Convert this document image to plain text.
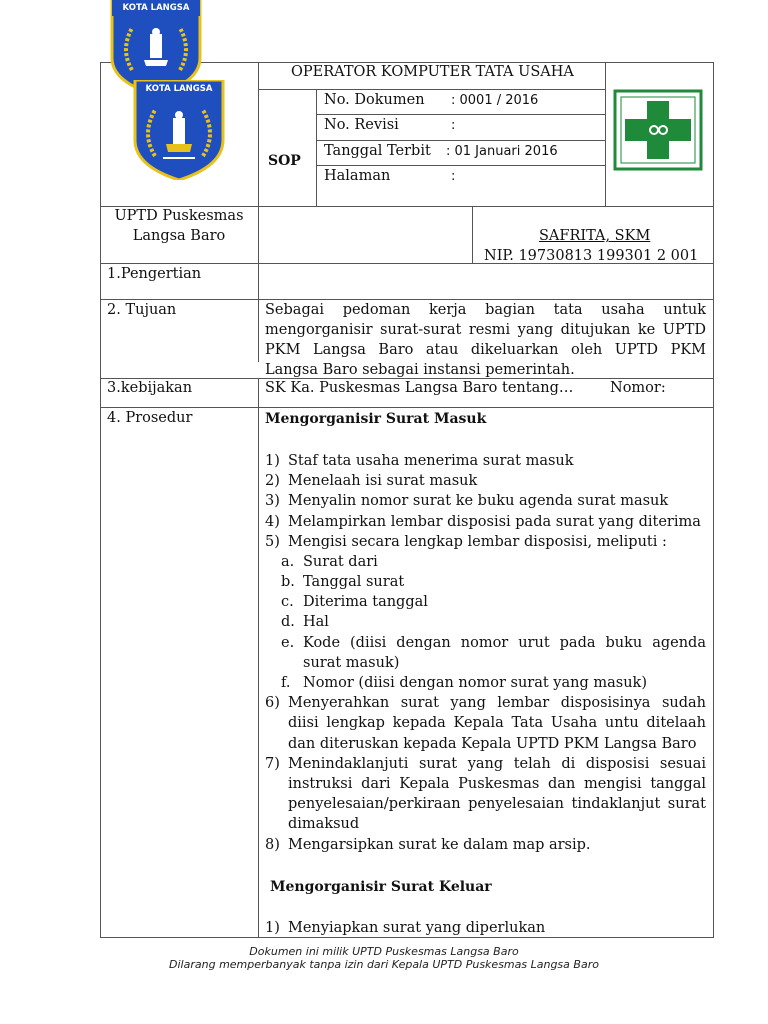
KOTA LANGSA
KOTA LANGSA
OPERATOR KOMPUTER TATA USAHA
SOP
No. Dokumen : 0001 / 2016
No. Revisi	:
Tanggal Terbit : 01 Januari 2016
Halaman	:
UPTD Puskesmas
Langsa Baro	SAFRITA, SKM
NIP. 19730813 199301 2 001
1.Pengertian
2. Tujuan	Sebagai pedoman kerja bagian tata usaha untuk
mengorganisir surat-surat resmi yang ditujukan ke UPTD
PKM Langsa Baro atau dikeluarkan oleh UPTD PKM
Langsa Baro sebagai instansi pemerintah.
3.kebijakan	SK Ka. Puskesmas Langsa Baro tentang…	Nomor:
4. Prosedur	Mengorganisir Surat Masuk
1) Staf tata usaha menerima surat masuk
2) Menelaah isi surat masuk
3) Menyalin nomor surat ke buku agenda surat masuk
4) Melampirkan lembar disposisi pada surat yang diterima
5) Mengisi secara lengkap lembar disposisi, meliputi :
a. Surat dari
b. Tanggal surat
c. Diterima tanggal
d. Hal
e. Kode (diisi dengan nomor urut pada buku agenda
surat masuk)
f. Nomor (diisi dengan nomor surat yang masuk)
6) Menyerahkan surat yang lembar disposisinya sudah
diisi lengkap kepada Kepala Tata Usaha untu ditelaah
dan diteruskan kepada Kepala UPTD PKM Langsa Baro
7) Menindaklanjuti surat yang telah di disposisi sesuai
instruksi dari Kepala Puskesmas dan mengisi tanggal
penyelesaian/perkiraan penyelesaian tindaklanjut surat
dimaksud
8) Mengarsipkan surat ke dalam map arsip.
Mengorganisir Surat Keluar
1) Menyiapkan surat yang diperlukan
Dokumen ini milik UPTD Puskesmas Langsa Baro
Dilarang memperbanyak tanpa izin dari Kepala UPTD Puskesmas Langsa Baro
